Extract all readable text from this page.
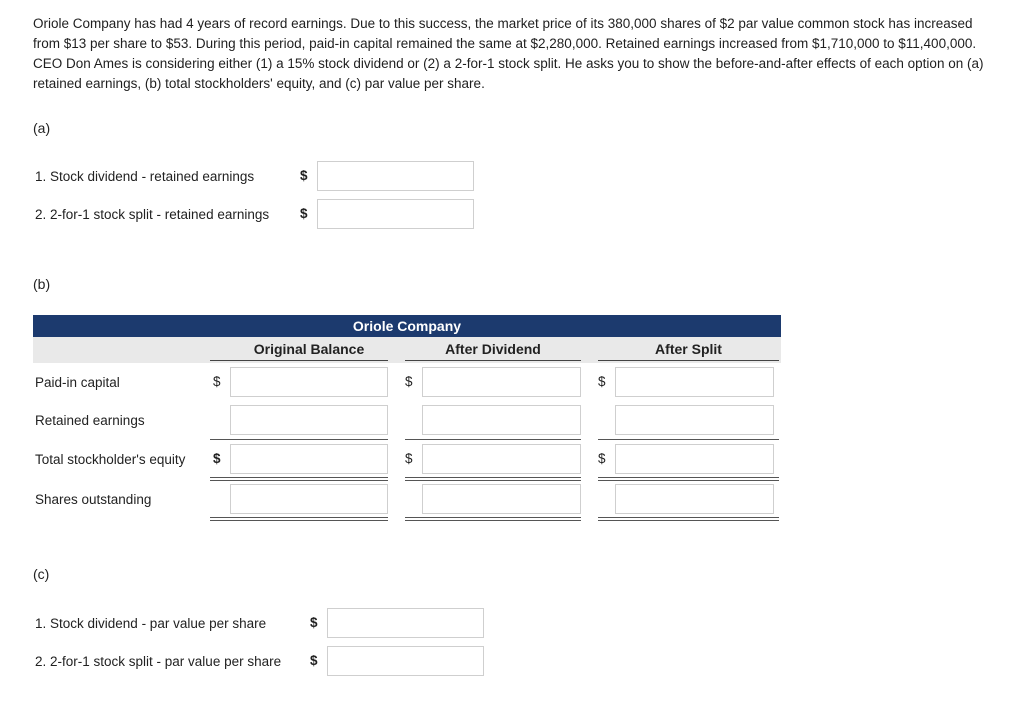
Oriole Company has had 4 years of record earnings. Due to this success, the market price of its 380,000 shares of $2 par value common stock has increased from $13 per share to $53. During this period, paid-in capital remained the same at $2,280,000. Retained earnings increased from $1,710,000 to $11,400,000. CEO Don Ames is considering either (1) a 15% stock dividend or (2) a 2-for-1 stock split. He asks you to show the before-and-after effects of each option on (a) retained earnings, (b) total stockholders' equity, and (c) par value per share.
(a)
1. Stock dividend - retained earnings	$
2. 2-for-1 stock split - retained earnings $
(b)
Oriole Company
Original Balance	After Dividend	After Split
Paid-in capital	$	$	$
Retained earnings
Total stockholder's equity $	$	$
Shares outstanding
(c)
1. Stock dividend - par value per share	$
2. 2-for-1 stock split - par value per share $
